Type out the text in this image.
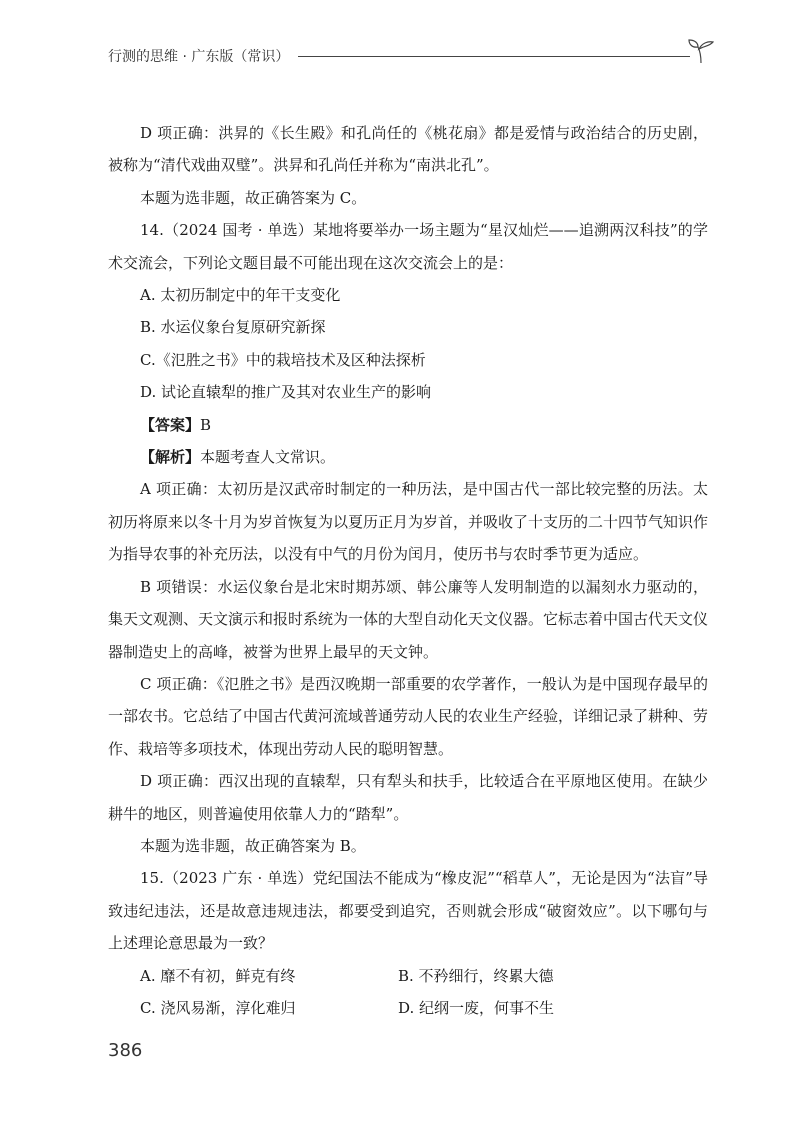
行测的思维 · 广东版（常识）

D 项正确：洪昇的《长生殿》和孔尚任的《桃花扇》都是爱情与政治结合的历史剧，被称为“清代戏曲双璧”。洪昇和孔尚任并称为“南洪北孔”。

本题为选非题，故正确答案为 C。

14.（2024 国考 · 单选）某地将要举办一场主题为“星汉灿烂——追溯两汉科技”的学术交流会，下列论文题目最不可能出现在这次交流会上的是：

A. 太初历制定中的年干支变化

B. 水运仪象台复原研究新探

C.《氾胜之书》中的栽培技术及区种法探析

D. 试论直辕犁的推广及其对农业生产的影响

【答案】B

【解析】本题考查人文常识。

A 项正确：太初历是汉武帝时制定的一种历法，是中国古代一部比较完整的历法。太初历将原来以冬十月为岁首恢复为以夏历正月为岁首，并吸收了十支历的二十四节气知识作为指导农事的补充历法，以没有中气的月份为闰月，使历书与农时季节更为适应。

B 项错误：水运仪象台是北宋时期苏颂、韩公廉等人发明制造的以漏刻水力驱动的，集天文观测、天文演示和报时系统为一体的大型自动化天文仪器。它标志着中国古代天文仪器制造史上的高峰，被誉为世界上最早的天文钟。

C 项正确：《氾胜之书》是西汉晚期一部重要的农学著作，一般认为是中国现存最早的一部农书。它总结了中国古代黄河流域普通劳动人民的农业生产经验，详细记录了耕种、劳作、栽培等多项技术，体现出劳动人民的聪明智慧。

D 项正确：西汉出现的直辕犁，只有犁头和扶手，比较适合在平原地区使用。在缺少耕牛的地区，则普遍使用依靠人力的“踏犁”。

本题为选非题，故正确答案为 B。

15.（2023 广东 · 单选）党纪国法不能成为“橡皮泥”“稻草人”，无论是因为“法盲”导致违纪违法，还是故意违规违法，都要受到追究，否则就会形成“破窗效应”。以下哪句与上述理论意思最为一致？

A. 靡不有初，鲜克有终	B. 不矜细行，终累大德
C. 浇风易渐，淳化难归	D. 纪纲一废，何事不生
386
